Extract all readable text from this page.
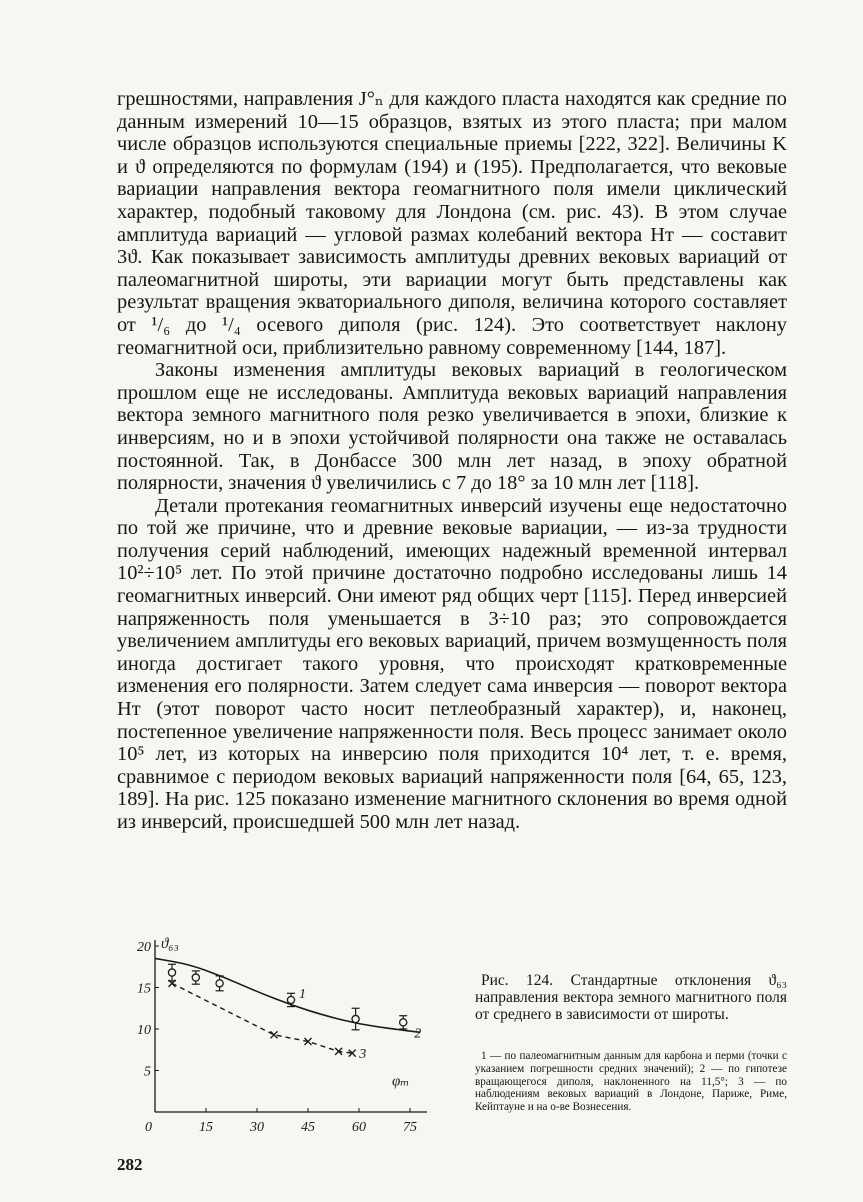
грешностями, направления J°ₙ для каждого пласта находятся как средние по данным измерений 10—15 образцов, взятых из этого пласта; при малом числе образцов используются специальные приемы [222, 322]. Величины K и ϑ определяются по формулам (194) и (195). Предполагается, что вековые вариации направления вектора геомагнитного поля имели циклический характер, подобный таковому для Лондона (см. рис. 43). В этом случае амплитуда вариаций — угловой размах колебаний вектора Hᴛ — составит 3ϑ. Как показывает зависимость амплитуды древних вековых вариаций от палеомагнитной широты, эти вариации могут быть представлены как результат вращения экваториального диполя, величина которого составляет от ¹/₆ до ¹/₄ осевого диполя (рис. 124). Это соответствует наклону геомагнитной оси, приблизительно равному современному [144, 187].

Законы изменения амплитуды вековых вариаций в геологическом прошлом еще не исследованы. Амплитуда вековых вариаций направления вектора земного магнитного поля резко увеличивается в эпохи, близкие к инверсиям, но и в эпохи устойчивой полярности она также не оставалась постоянной. Так, в Донбассе 300 млн лет назад, в эпоху обратной полярности, значения ϑ увеличились с 7 до 18° за 10 млн лет [118].

Детали протекания геомагнитных инверсий изучены еще недостаточно по той же причине, что и древние вековые вариации, — из-за трудности получения серий наблюдений, имеющих надежный временной интервал 10²÷10⁵ лет. По этой причине достаточно подробно исследованы лишь 14 геомагнитных инверсий. Они имеют ряд общих черт [115]. Перед инверсией напряженность поля уменьшается в 3÷10 раз; это сопровождается увеличением амплитуды его вековых вариаций, причем возмущенность поля иногда достигает такого уровня, что происходят кратковременные изменения его полярности. Затем следует сама инверсия — поворот вектора Hᴛ (этот поворот часто носит петлеобразный характер), и, наконец, постепенное увеличение напряженности поля. Весь процесс занимает около 10⁵ лет, из которых на инверсию поля приходится 10⁴ лет, т. е. время, сравнимое с периодом вековых вариаций напряженности поля [64, 65, 123, 189]. На рис. 125 показано изменение магнитного склонения во время одной из инверсий, происшедшей 500 млн лет назад.

0	15	30	45	60	75
5
10
15
20 ϑ₆₃
φₘ
1
2
3
Рис. 124. Стандартные отклонения ϑ₆₃ направления вектора земного магнитного поля от среднего в зависимости от широты.
1 — по палеомагнитным данным для карбона и перми (точки с указанием погрешности средних значений); 2 — по гипотезе вращающегося диполя, наклоненного на 11,5°; 3 — по наблюдениям вековых вариаций в Лондоне, Париже, Риме, Кейптауне и на о-ве Вознесения.
282
